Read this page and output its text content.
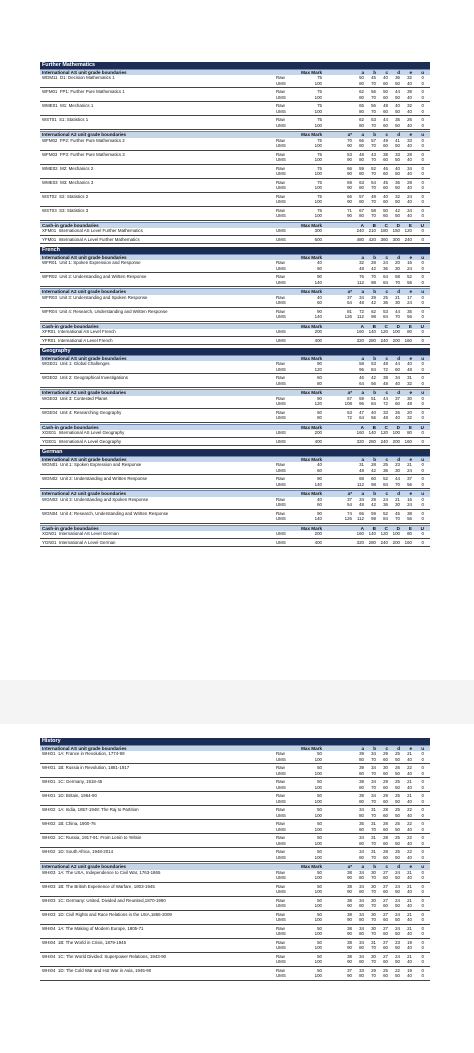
Further Mathematics
International AS unit grade boundaries	Max Mark	a	b	c	d	e	u
WDM11 D1: Decision Mathematics 1	Raw	75	50	45	40	36	32	0
UMS	100	80	70	60	50	40	0
WFM01 FP1: Further Pure Mathematics 1	Raw	75	62	56	50	44	39	0
UMS	100	80	70	60	50	40	0
WME01 M1: Mechanics 1	Raw	75	65	56	48	40	32	0
UMS	100	80	70	60	50	40	0
WST01 S1: Statistics 1	Raw	75	62	53	44	35	26	0
UMS	100	80	70	60	50	40	0
International A2 unit grade boundaries	Max Mark	a*	a	b	c	d	e	u
WFM02 FP2: Further Pure Mathematics 2	Raw	75	70	66	57	49	41	33	0
UMS	100	90	80	70	60	50	40	0
WFM03 FP3: Further Pure Mathematics 3	Raw	75	53	48	43	38	33	28	0
UMS	100	90	80	70	60	50	40	0
WME02 M2: Mechanics 2	Raw	75	66	59	52	46	40	34	0
UMS	100	90	80	70	60	50	40	0
WME03 M3: Mechanics 3	Raw	75	69	63	54	45	36	28	0
UMS	100	90	80	70	60	50	40	0
WST02 S2: Statistics 2	Raw	75	66	57	48	40	32	24	0
UMS	100	90	80	70	60	50	40	0
WST03 S3: Statistics 3	Raw	75	71	67	58	50	42	34	0
UMS	100	90	80	70	60	50	40	0
Cash-in grade boundaries	Max Mark	A	B	C	D	E	U
XFM01 International AS Level Further Mathematics	UMS	300	240	210	180	150	120	0
YFM01 International A Level Further Mathematics	UMS	600	480	420	360	300	240	0
French
International AS unit grade boundaries	Max Mark	a	b	c	d	e	u
WFR01 Unit 1: Spoken Expression and Response	Raw	40	32	28	24	20	16	0
UMS	60	48	42	36	30	24	0
WFR02 Unit 2: Understanding and Written Response	Raw	90	76	70	64	58	52	0
UMS	140	112	98	84	70	56	0
International A2 unit grade boundaries	Max Mark	a*	a	b	c	d	e	u
WFR03 Unit 3: Understanding and Spoken Response	Raw	40	37	34	29	25	21	17	0
UMS	60	54	48	42	36	30	24	0
WFR04 Unit 4: Research, Understanding and Written Response	Raw	90	81	72	62	53	44	35	0
UMS	140	126	112	98	84	70	56	0
Cash-in grade boundaries	Max Mark	A	B	C	D	E	U
XFR01 International AS Level French	UMS	200	160	140	120	100	80	0
YFR01 International A Level French	UMS	400	320	280	240	200	160	0
Geography
International AS unit grade boundaries	Max Mark	a	b	c	d	e	u
WGE01 Unit 1: Global Challenges	Raw	90	58	53	48	44	40	0
UMS	120	96	84	72	60	48	0
WGE02 Unit 2: Geographical Investigations	Raw	60	46	42	38	34	31	0
UMS	80	64	56	48	40	32	0
International A2 unit grade boundaries	Max Mark	a*	a	b	c	d	e	u
WGE03 Unit 3: Contested Planet	Raw	90	67	59	51	44	37	30	0
UMS	120	108	96	84	72	60	48	0
WGE04 Unit 4: Researching Geography	Raw	60	53	47	40	33	26	20	0
UMS	80	72	64	56	48	40	32	0
Cash-in grade boundaries	Max Mark	A	B	C	D	E	U
XGE01 International AS Level Geography	UMS	200	160	140	120	100	80	0
YGE01 International A Level Geography	UMS	400	320	280	240	200	160	0
German
International AS unit grade boundaries	Max Mark	a	b	c	d	e	u
WGN01 Unit 1: Spoken Expression and Response	Raw	40	31	28	25	23	21	0
UMS	60	48	42	36	30	24	0
WGN02 Unit 2: Understanding and Written Response	Raw	90	68	60	52	44	37	0
UMS	140	112	98	84	70	56	0
International A2 unit grade boundaries	Max Mark	a*	a	b	c	d	e	u
WGN03 Unit 3: Understanding and Spoken Response	Raw	40	37	34	29	24	21	16	0
UMS	60	54	48	42	36	30	24	0
WGN04 Unit 4: Research, Understanding and Written Response	Raw	90	74	66	59	52	45	38	0
UMS	140	126	112	98	84	70	56	0
Cash-in grade boundaries	Max Mark	A	B	C	D	E	U
XGN01 International AS Level German	UMS	200	160	140	120	100	80	0
YGN01 International A Level German	UMS	400	320	280	240	200	160	0
History
International AS unit grade boundaries	Max Mark	a	b	c	d	e	u
WHI01 1A: France in Revolution, 1774-99	Raw	50	39	34	29	25	21	0
UMS	100	80	70	60	50	40	0
WHI01 1B: Russia in Revolution, 1881-1917	Raw	50	39	34	30	26	22	0
UMS	100	80	70	60	50	40	0
WHI01 1C: Germany, 1918-45	Raw	50	39	34	29	25	21	0
UMS	100	80	70	60	50	40	0
WHI01 1D: Britain, 1964-90	Raw	50	39	34	29	25	21	0
UMS	100	80	70	60	50	40	0
WHI02 1A: India, 1857-1948: The Raj to Partition	Raw	50	34	31	28	25	22	0
UMS	100	80	70	60	50	40	0
WHI02 1B: China, 1900-76	Raw	50	35	31	28	25	22	0
UMS	100	80	70	60	50	40	0
WHI02 1C: Russia, 1917-91: From Lenin to Yeltsin	Raw	50	34	31	28	25	22	0
UMS	100	80	70	60	50	40	0
WHI02 1D: South Africa, 1948-2014	Raw	50	34	31	28	25	22	0
UMS	100	80	70	60	50	40	0
International A2 unit grade boundaries	Max Mark	a*	a	b	c	d	e	u
WHI03 1A: The USA, Independence to Civil War, 1763-1865	Raw	50	38	34	30	27	24	21	0
UMS	100	90	80	70	60	50	40	0
WHI03 1B: The British Experience of Warfare, 1803-1945	Raw	50	38	34	30	27	24	21	0
UMS	100	90	80	70	60	50	40	0
WHI03 1C: Germany: United, Divided and Reunited,1870-1990	Raw	50	38	34	30	27	24	21	0
UMS	100	90	80	70	60	50	40	0
WHI03 1D: Civil Rights and Race Relations in the USA,1865-2009	Raw	50	38	34	30	27	24	21	0
UMS	100	90	80	70	60	50	40	0
WHI04 1A: The Making of Modern Europe, 1805-71	Raw	50	38	34	30	27	24	21	0
UMS	100	90	80	70	60	50	40	0
WHI04 1B: The World in Crisis, 1879-1945	Raw	50	38	34	31	27	23	19	0
UMS	100	90	80	70	60	50	40	0
WHI04 1C: The World Divided: Superpower Relations, 1943-90	Raw	50	38	34	30	27	24	21	0
UMS	100	90	80	70	60	50	40	0
WHI04 1D: The Cold War and Hot War in Asia, 1945-90	Raw	50	37	33	29	25	22	19	0
UMS	100	90	80	70	60	50	40	0
